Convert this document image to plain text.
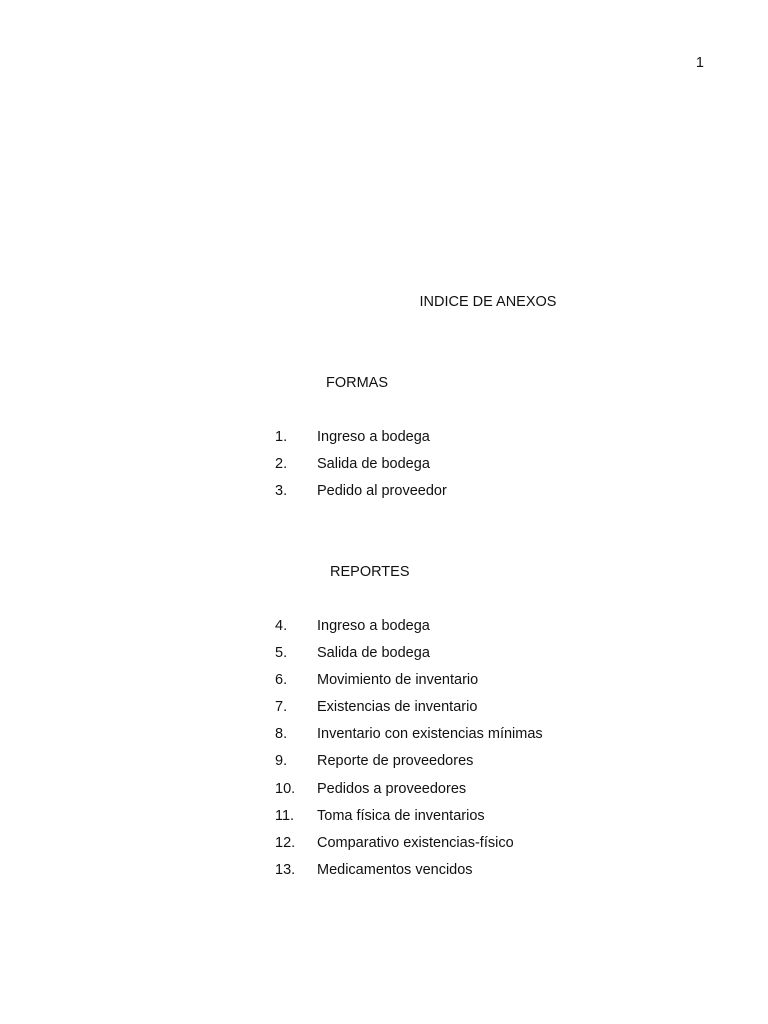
1
INDICE DE ANEXOS
FORMAS
1. Ingreso a bodega
2. Salida de bodega
3. Pedido al proveedor
REPORTES
4. Ingreso a bodega
5. Salida de bodega
6. Movimiento de inventario
7. Existencias de inventario
8. Inventario con existencias mínimas
9. Reporte de proveedores
10. Pedidos a proveedores
11. Toma física de inventarios
12. Comparativo existencias-físico
13. Medicamentos vencidos
